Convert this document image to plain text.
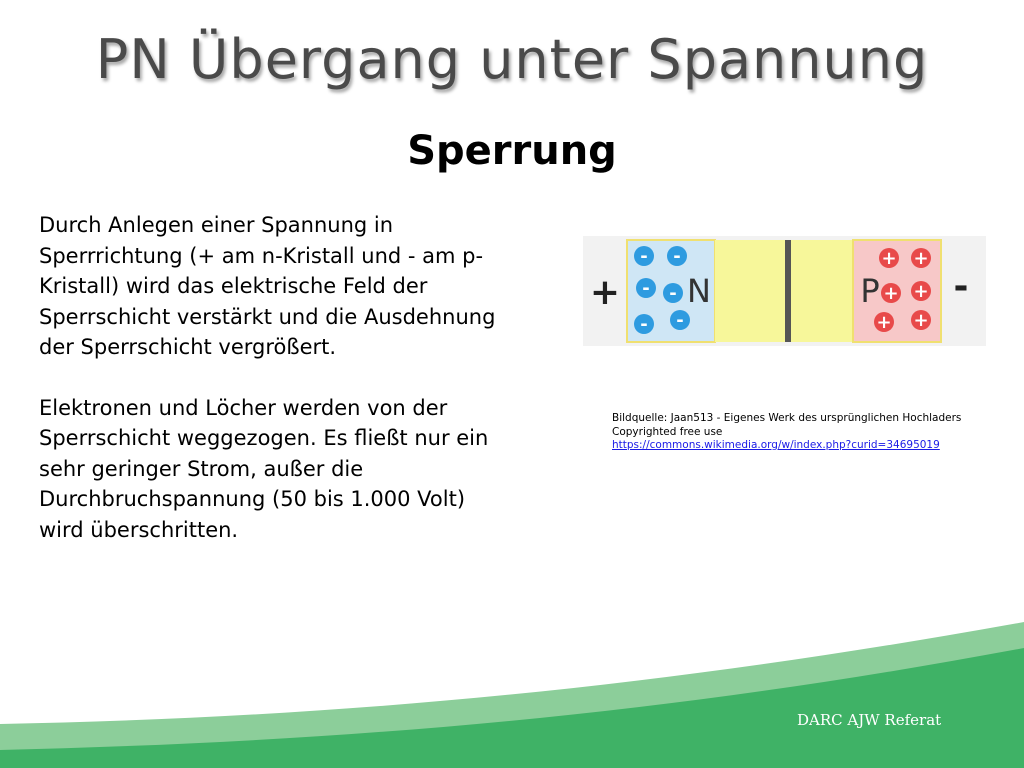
PN Übergang unter Spannung
Sperrung

Durch Anlegen einer Spannung in Sperrrichtung (+ am n-Kristall und - am p-Kristall) wird das elektrische Feld der Sperrschicht verstärkt und die Ausdehnung der Sperrschicht vergrößert.

Elektronen und Löcher werden von der Sperrschicht weggezogen. Es fließt nur ein sehr geringer Strom, außer die Durchbruchspannung (50 bis 1.000 Volt) wird überschritten.

+
- -
- -
- -
N	P
+ +
+ +
+ +
-
Bildquelle: Jaan513 - Eigenes Werk des ursprünglichen Hochladers
Copyrighted free use
https://commons.wikimedia.org/w/index.php?curid=34695019
DARC AJW Referat
